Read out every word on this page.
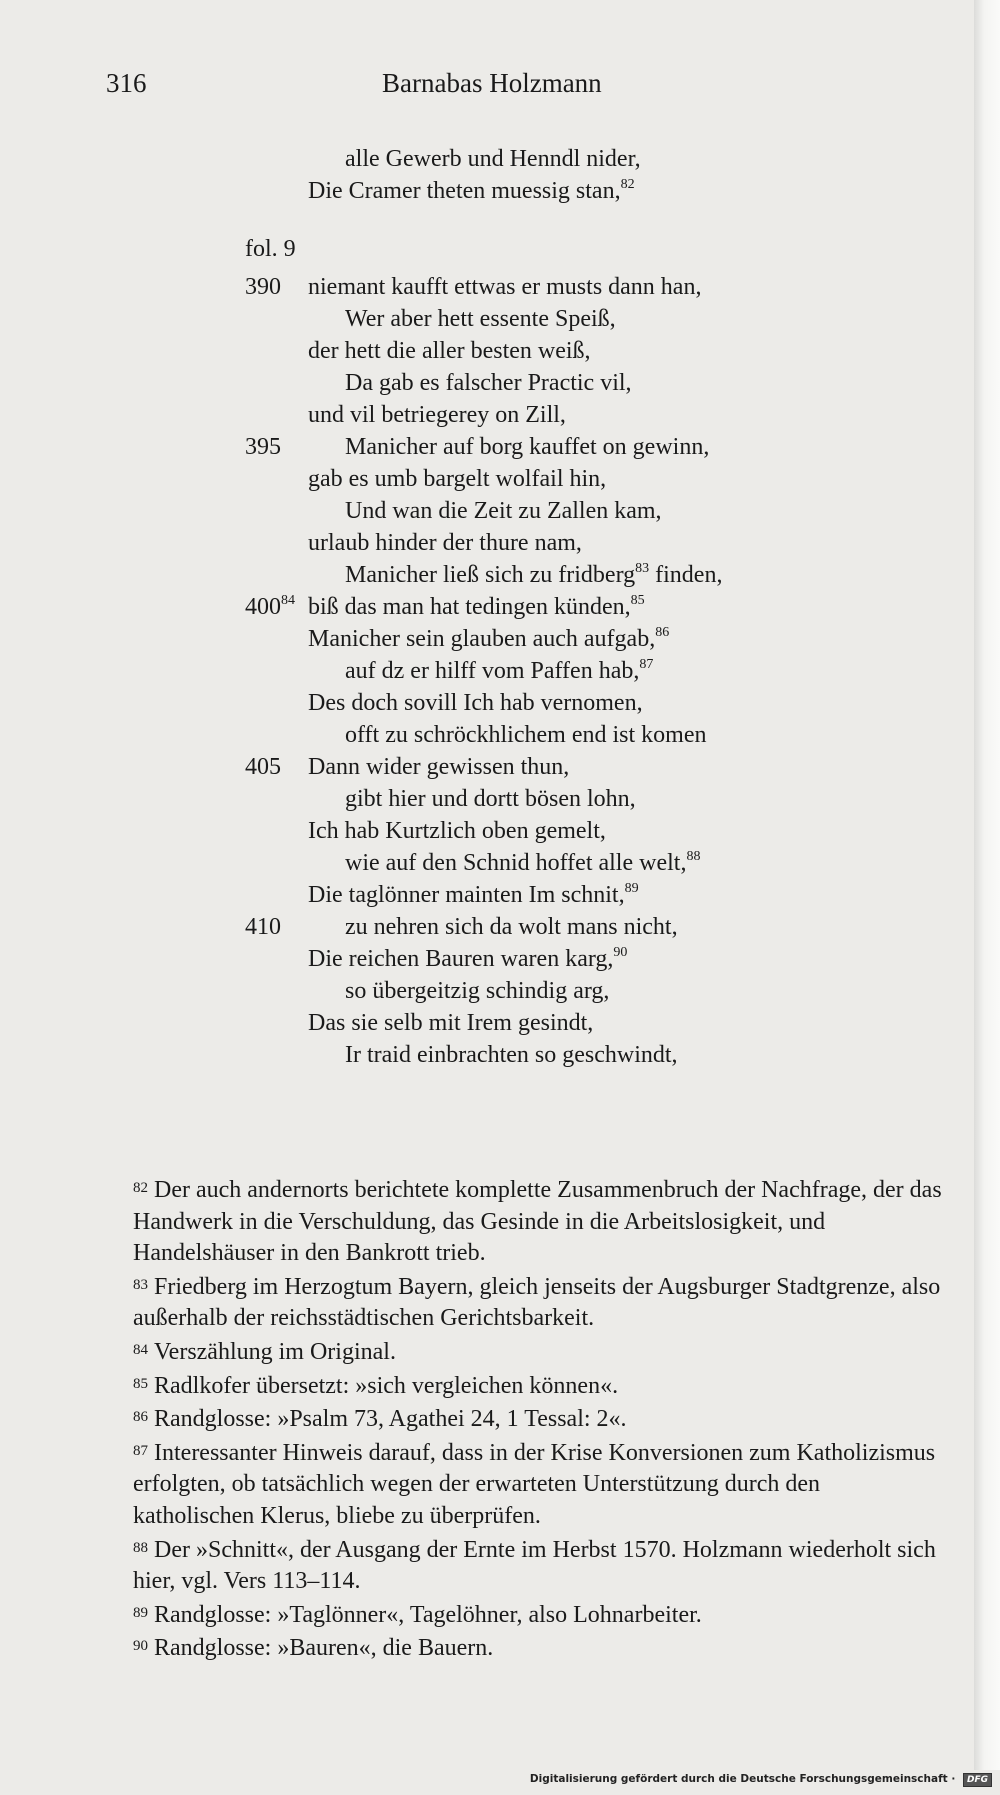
316	Barnabas Holzmann
fol. 9
alle Gewerb und Henndl nider,
Die Cramer theten muessig stan,$^{82}$
390	niemant kaufft ettwas er musts dann han,
Wer aber hett essente Speiß,
der hett die aller besten weiß,
Da gab es falscher Practic vil,
und vil betriegerey on Zill,
395	Manicher auf borg kauffet on gewinn,
gab es umb bargelt wolfail hin,
Und wan die Zeit zu Zallen kam,
urlaub hinder der thure nam,
Manicher ließ sich zu fridberg$^{83}$ finden,
$400^{84}$ biß das man hat tedingen künden,$^{85}$
Manicher sein glauben auch aufgab,$^{86}$
auf dz er hilff vom Paffen hab,$^{87}$
Des doch sovill Ich hab vernomen,
offt zu schröckhlichem end ist komen
405	Dann wider gewissen thun,
gibt hier und dortt bösen lohn,
Ich hab Kurtzlich oben gemelt,
wie auf den Schnid hoffet alle welt,$^{88}$
Die taglönner mainten Im schnit,$^{89}$
410	zu nehren sich da wolt mans nicht,
Die reichen Bauren waren karg,$^{90}$
so übergeitzig schindig arg,
Das sie selb mit Irem gesindt,
Ir traid einbrachten so geschwindt,

$^{82}$ Der auch andernorts berichtete komplette Zusammenbruch der Nachfrage, der das Handwerk in die Verschuldung, das Gesinde in die Arbeitslosigkeit, und Handelshäuser in den Bankrott trieb.

$^{83}$ Friedberg im Herzogtum Bayern, gleich jenseits der Augsburger Stadtgrenze, also außerhalb der reichsstädtischen Gerichtsbarkeit.

$^{84}$ Verszählung im Original.

$^{85}$ Radlkofer übersetzt: »sich vergleichen können«.

$^{86}$ Randglosse: »Psalm 73, Agathei 24, 1 Tessal: 2«.

$^{87}$ Interessanter Hinweis darauf, dass in der Krise Konversionen zum Katholizismus erfolgten, ob tatsächlich wegen der erwarteten Unterstützung durch den katholischen Klerus, bliebe zu überprüfen.

$^{88}$ Der »Schnitt«, der Ausgang der Ernte im Herbst 1570. Holzmann wiederholt sich hier, vgl. Vers 113–114.

$^{89}$ Randglosse: »Taglönner«, Tagelöhner, also Lohnarbeiter.

$^{90}$ Randglosse: »Bauren«, die Bauern.

Digitalisierung gefördert durch die Deutsche Forschungsgemeinschaft · DFG
